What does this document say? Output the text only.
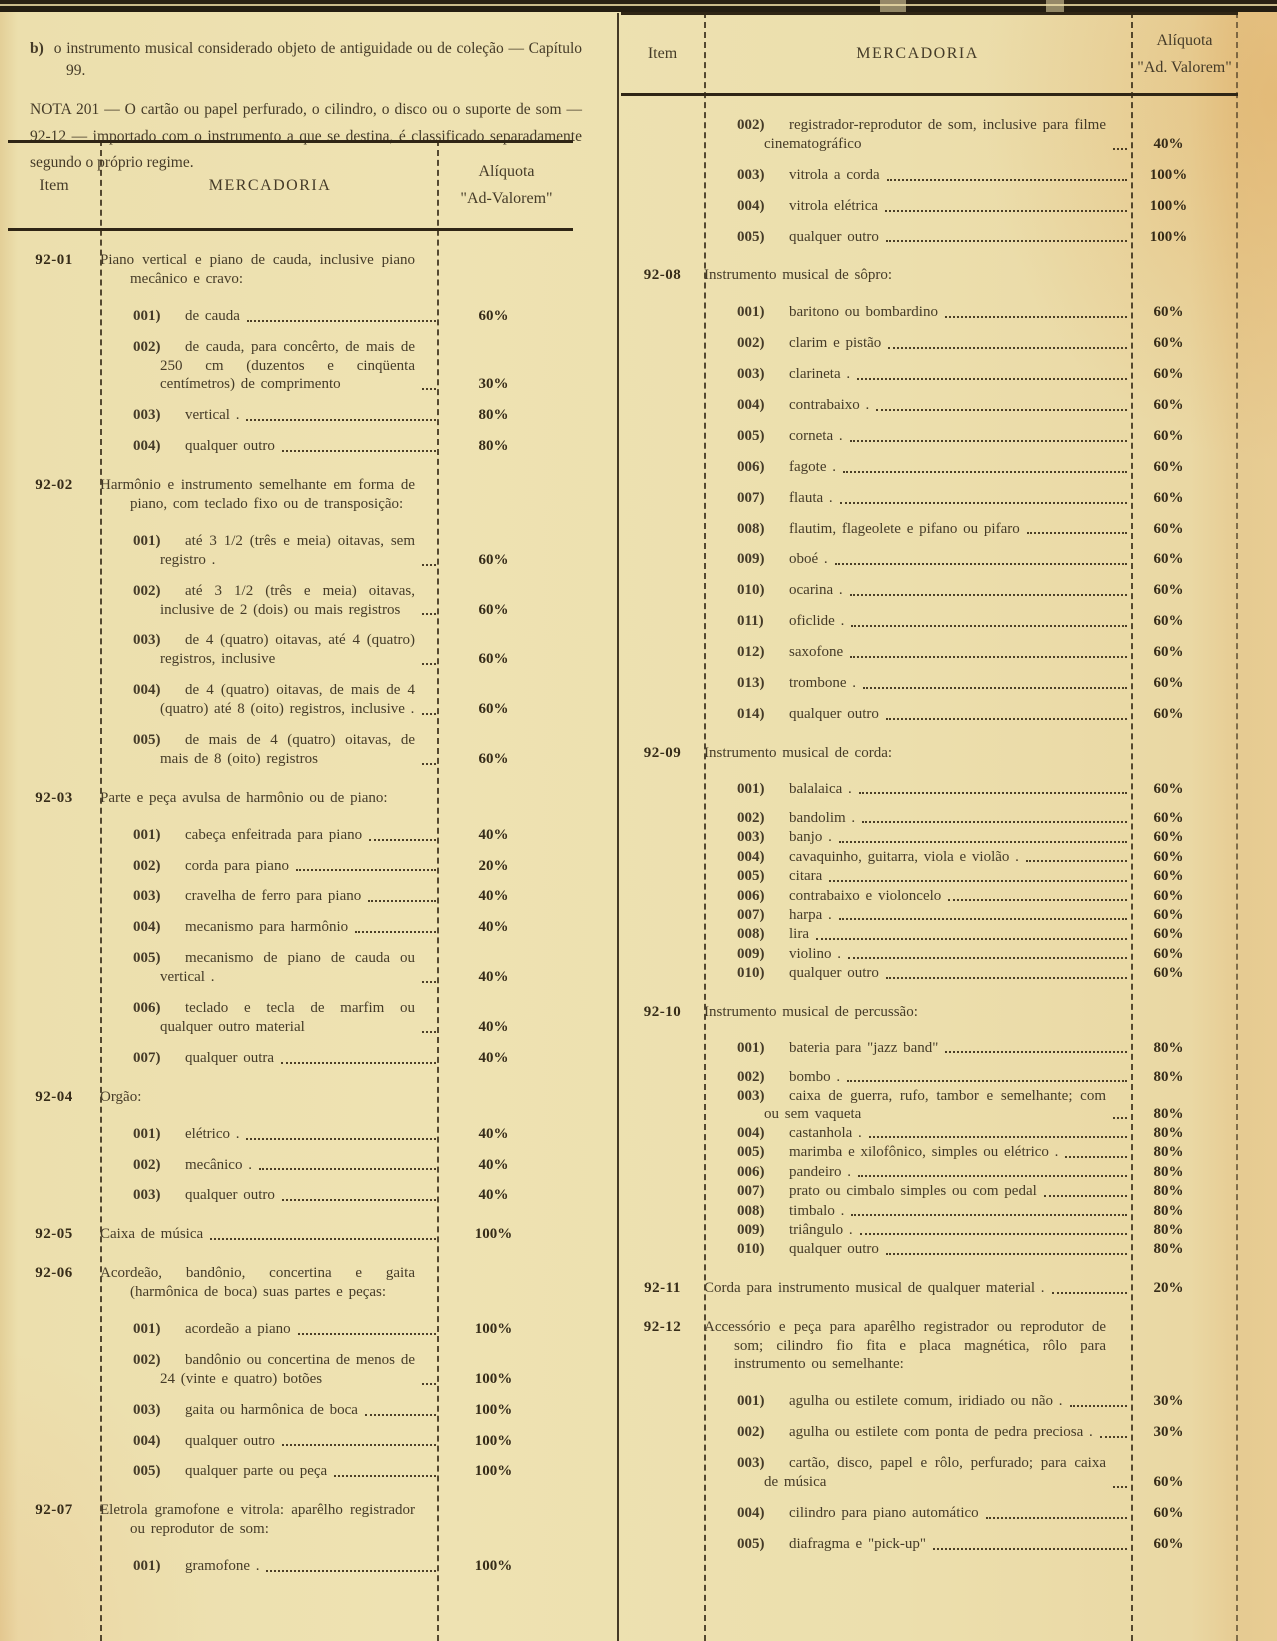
b) o instrumento musical considerado objeto de antiguidade ou de coleção — Capítulo 99.

NOTA 201 — O cartão ou papel perfurado, o cilindro, o disco ou o suporte de som — 92-12 — importado com o instrumento a que se destina, é classificado separadamente segundo o próprio regime.

Item	MERCADORIA
Alíquota
"Ad-Valorem"
92-01	Piano vertical e piano de cauda, inclusive piano mecânico e cravo:
001) de cauda	60%
002) de cauda, para concêrto, de mais de 250 cm (duzentos e cinqüenta centímetros) de comprimento	30%
003) vertical .	80%
004) qualquer outro	80%
92-02	Harmônio e instrumento semelhante em forma de piano, com teclado fixo ou de transposição:
001) até 3 1/2 (três e meia) oitavas, sem registro .	60%
002) até 3 1/2 (três e meia) oitavas, inclusive de 2 (dois) ou mais registros	60%
003) de 4 (quatro) oitavas, até 4 (quatro) registros, inclusive	60%
004) de 4 (quatro) oitavas, de mais de 4 (quatro) até 8 (oito) registros, inclusive .	60%
005) de mais de 4 (quatro) oitavas, de mais de 8 (oito) registros	60%
92-03	Parte e peça avulsa de harmônio ou de piano:
001) cabeça enfeitrada para piano	40%
002) corda para piano	20%
003) cravelha de ferro para piano	40%
004) mecanismo para harmônio	40%
005) mecanismo de piano de cauda ou vertical .	40%
006) teclado e tecla de marfim ou qualquer outro material	40%
007) qualquer outra	40%
92-04	Orgão:
001) elétrico .	40%
002) mecânico .	40%
003) qualquer outro	40%
92-05	Caixa de música	100%
92-06	Acordeão, bandônio, concertina e gaita (harmônica de boca) suas partes e peças:
001) acordeão a piano	100%
002) bandônio ou concertina de menos de 24 (vinte e quatro) botões	100%
003) gaita ou harmônica de boca	100%
004) qualquer outro	100%
005) qualquer parte ou peça	100%
92-07	Eletrola gramofone e vitrola: aparêlho registrador ou reprodutor de som:
001) gramofone .	100%
Item	MERCADORIA
Alíquota
"Ad. Valorem"
002) registrador-reprodutor de som, inclusive para filme cinematográfico	40%
003) vitrola a corda	100%
004) vitrola elétrica	100%
005) qualquer outro	100%
92-08	Instrumento musical de sôpro:
001) baritono ou bombardino	60%
002) clarim e pistão	60%
003) clarineta .	60%
004) contrabaixo .	60%
005) corneta .	60%
006) fagote .	60%
007) flauta .	60%
008) flautim, flageolete e pifano ou pifaro	60%
009) oboé .	60%
010) ocarina .	60%
011) oficlide .	60%
012) saxofone	60%
013) trombone .	60%
014) qualquer outro	60%
92-09	Instrumento musical de corda:
001) balalaica .	60%
002) bandolim .	60%
003) banjo .	60%
004) cavaquinho, guitarra, viola e violão .	60%
005) citara	60%
006) contrabaixo e violoncelo	60%
007) harpa .	60%
008) lira	60%
009) violino .	60%
010) qualquer outro	60%
92-10	Instrumento musical de percussão:
001) bateria para "jazz band"	80%
002) bombo .	80%
003) caixa de guerra, rufo, tambor e semelhante; com ou sem vaqueta	80%
004) castanhola .	80%
005) marimba e xilofônico, simples ou elétrico .	80%
006) pandeiro .	80%
007) prato ou cimbalo simples ou com pedal	80%
008) timbalo .	80%
009) triângulo .	80%
010) qualquer outro	80%
92-11	Corda para instrumento musical de qualquer material .	20%
92-12	Accessório e peça para aparêlho registrador ou reprodutor de som; cilindro fio fita e placa magnética, rôlo para instrumento ou semelhante:
001) agulha ou estilete comum, iridiado ou não .	30%
002) agulha ou estilete com ponta de pedra preciosa .	30%
003) cartão, disco, papel e rôlo, perfurado; para caixa de música	60%
004) cilindro para piano automático	60%
005) diafragma e "pick-up"	60%
